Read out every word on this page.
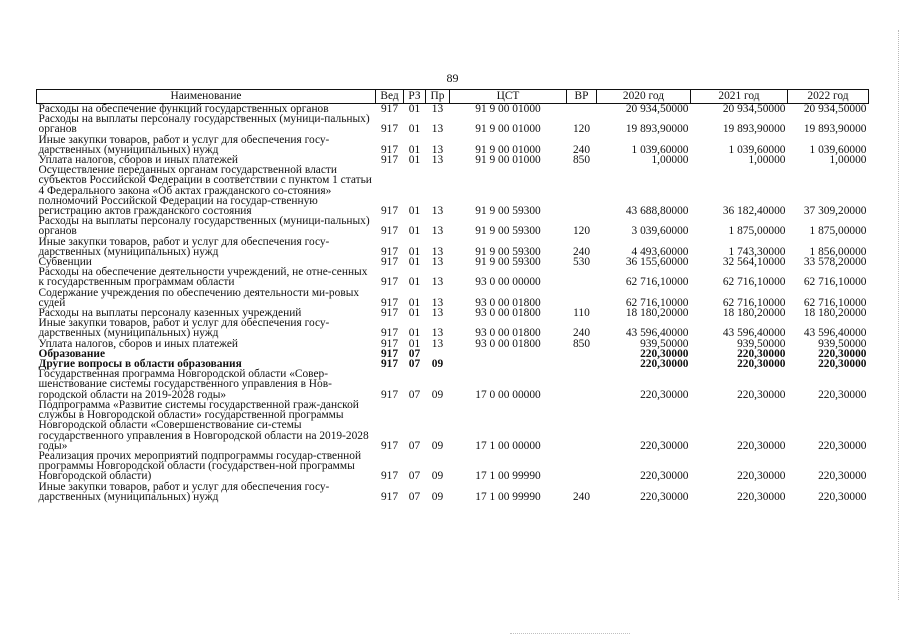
89
Наименование	Вед	РЗ	Пр	ЦСТ	ВР	2020 год	2021 год	2022 год
Расходы на обеспечение функций государственных органов	917	01	13	91 9 00 01000		20 934,50000	20 934,50000	20 934,50000
Расходы на выплаты персоналу государственных (муници-пальных) органов	917	01	13	91 9 00 01000	120	19 893,90000	19 893,90000	19 893,90000
Иные закупки товаров, работ и услуг для обеспечения госу-дарственных (муниципальных) нужд	917	01	13	91 9 00 01000	240	1 039,60000	1 039,60000	1 039,60000
Уплата налогов, сборов и иных платежей	917	01	13	91 9 00 01000	850	1,00000	1,00000	1,00000
Осуществление переданных органам государственной власти субъектов Российской Федерации в соответствии с пунктом 1 статьи 4 Федерального закона «Об актах гражданского со-стояния» полномочий Российской Федерации на государ-ственную регистрацию актов гражданского состояния	917	01	13	91 9 00 59300		43 688,80000	36 182,40000	37 309,20000
Расходы на выплаты персоналу государственных (муници-пальных) органов	917	01	13	91 9 00 59300	120	3 039,60000	1 875,00000	1 875,00000
Иные закупки товаров, работ и услуг для обеспечения госу-дарственных (муниципальных) нужд	917	01	13	91 9 00 59300	240	4 493,60000	1 743,30000	1 856,00000
Субвенции	917	01	13	91 9 00 59300	530	36 155,60000	32 564,10000	33 578,20000
Расходы на обеспечение деятельности учреждений, не отне-сенных к государственным программам области	917	01	13	93 0 00 00000		62 716,10000	62 716,10000	62 716,10000
Содержание учреждения по обеспечению деятельности ми-ровых судей	917	01	13	93 0 00 01800		62 716,10000	62 716,10000	62 716,10000
Расходы на выплаты персоналу казенных учреждений	917	01	13	93 0 00 01800	110	18 180,20000	18 180,20000	18 180,20000
Иные закупки товаров, работ и услуг для обеспечения госу-дарственных (муниципальных) нужд	917	01	13	93 0 00 01800	240	43 596,40000	43 596,40000	43 596,40000
Уплата налогов, сборов и иных платежей	917	01	13	93 0 00 01800	850	939,50000	939,50000	939,50000
Образование	917	07				220,30000	220,30000	220,30000
Другие вопросы в области образования	917	07	09			220,30000	220,30000	220,30000
Государственная программа Новгородской области «Совер-шенствование системы государственного управления в Нов-городской области на 2019-2028 годы»	917	07	09	17 0 00 00000		220,30000	220,30000	220,30000
Подпрограмма «Развитие системы государственной граж-данской службы в Новгородской области» государственной программы Новгородской области «Совершенствование си-стемы государственного управления в Новгородской области на 2019-2028 годы»	917	07	09	17 1 00 00000		220,30000	220,30000	220,30000
Реализация прочих мероприятий подпрограммы государ-ственной программы Новгородской области (государствен-ной программы Новгородской области)	917	07	09	17 1 00 99990		220,30000	220,30000	220,30000
Иные закупки товаров, работ и услуг для обеспечения госу-дарственных (муниципальных) нужд	917	07	09	17 1 00 99990	240	220,30000	220,30000	220,30000
